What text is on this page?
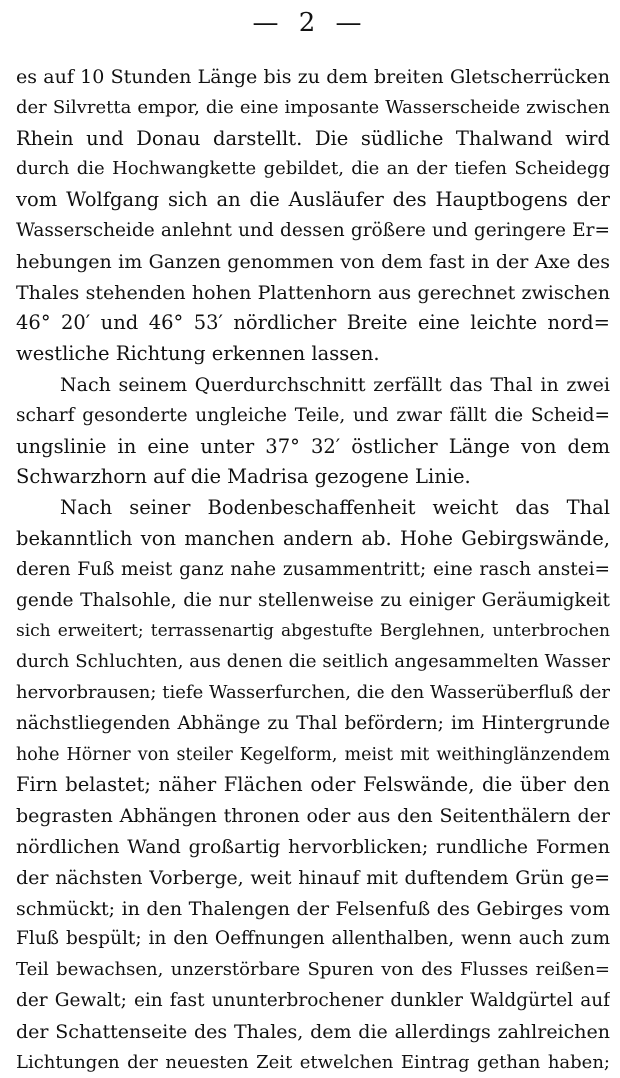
— 2 —
es auf 10 Stunden Länge bis zu dem breiten Gletscherrücken
der Silvretta empor, die eine imposante Wasserscheide zwischen
Rhein und Donau darstellt. Die südliche Thalwand wird
durch die Hochwangkette gebildet, die an der tiefen Scheidegg
vom Wolfgang sich an die Ausläufer des Hauptbogens der
Wasserscheide anlehnt und dessen größere und geringere Er=
hebungen im Ganzen genommen von dem fast in der Axe des
Thales stehenden hohen Plattenhorn aus gerechnet zwischen
46° 20′ und 46° 53′ nördlicher Breite eine leichte nord=
westliche Richtung erkennen lassen.
Nach seinem Querdurchschnitt zerfällt das Thal in zwei
scharf gesonderte ungleiche Teile, und zwar fällt die Scheid=
ungslinie in eine unter 37° 32′ östlicher Länge von dem
Schwarzhorn auf die Madrisa gezogene Linie.
Nach seiner Bodenbeschaffenheit weicht das Thal
bekanntlich von manchen andern ab. Hohe Gebirgswände,
deren Fuß meist ganz nahe zusammentritt; eine rasch anstei=
gende Thalsohle, die nur stellenweise zu einiger Geräumigkeit
sich erweitert; terrassenartig abgestufte Berglehnen, unterbrochen
durch Schluchten, aus denen die seitlich angesammelten Wasser
hervorbrausen; tiefe Wasserfurchen, die den Wasserüberfluß der
nächstliegenden Abhänge zu Thal befördern; im Hintergrunde
hohe Hörner von steiler Kegelform, meist mit weithinglänzendem
Firn belastet; näher Flächen oder Felswände, die über den
begrasten Abhängen thronen oder aus den Seitenthälern der
nördlichen Wand großartig hervorblicken; rundliche Formen
der nächsten Vorberge, weit hinauf mit duftendem Grün ge=
schmückt; in den Thalengen der Felsenfuß des Gebirges vom
Fluß bespült; in den Oeffnungen allenthalben, wenn auch zum
Teil bewachsen, unzerstörbare Spuren von des Flusses reißen=
der Gewalt; ein fast ununterbrochener dunkler Waldgürtel auf
der Schattenseite des Thales, dem die allerdings zahlreichen
Lichtungen der neuesten Zeit etwelchen Eintrag gethan haben;
